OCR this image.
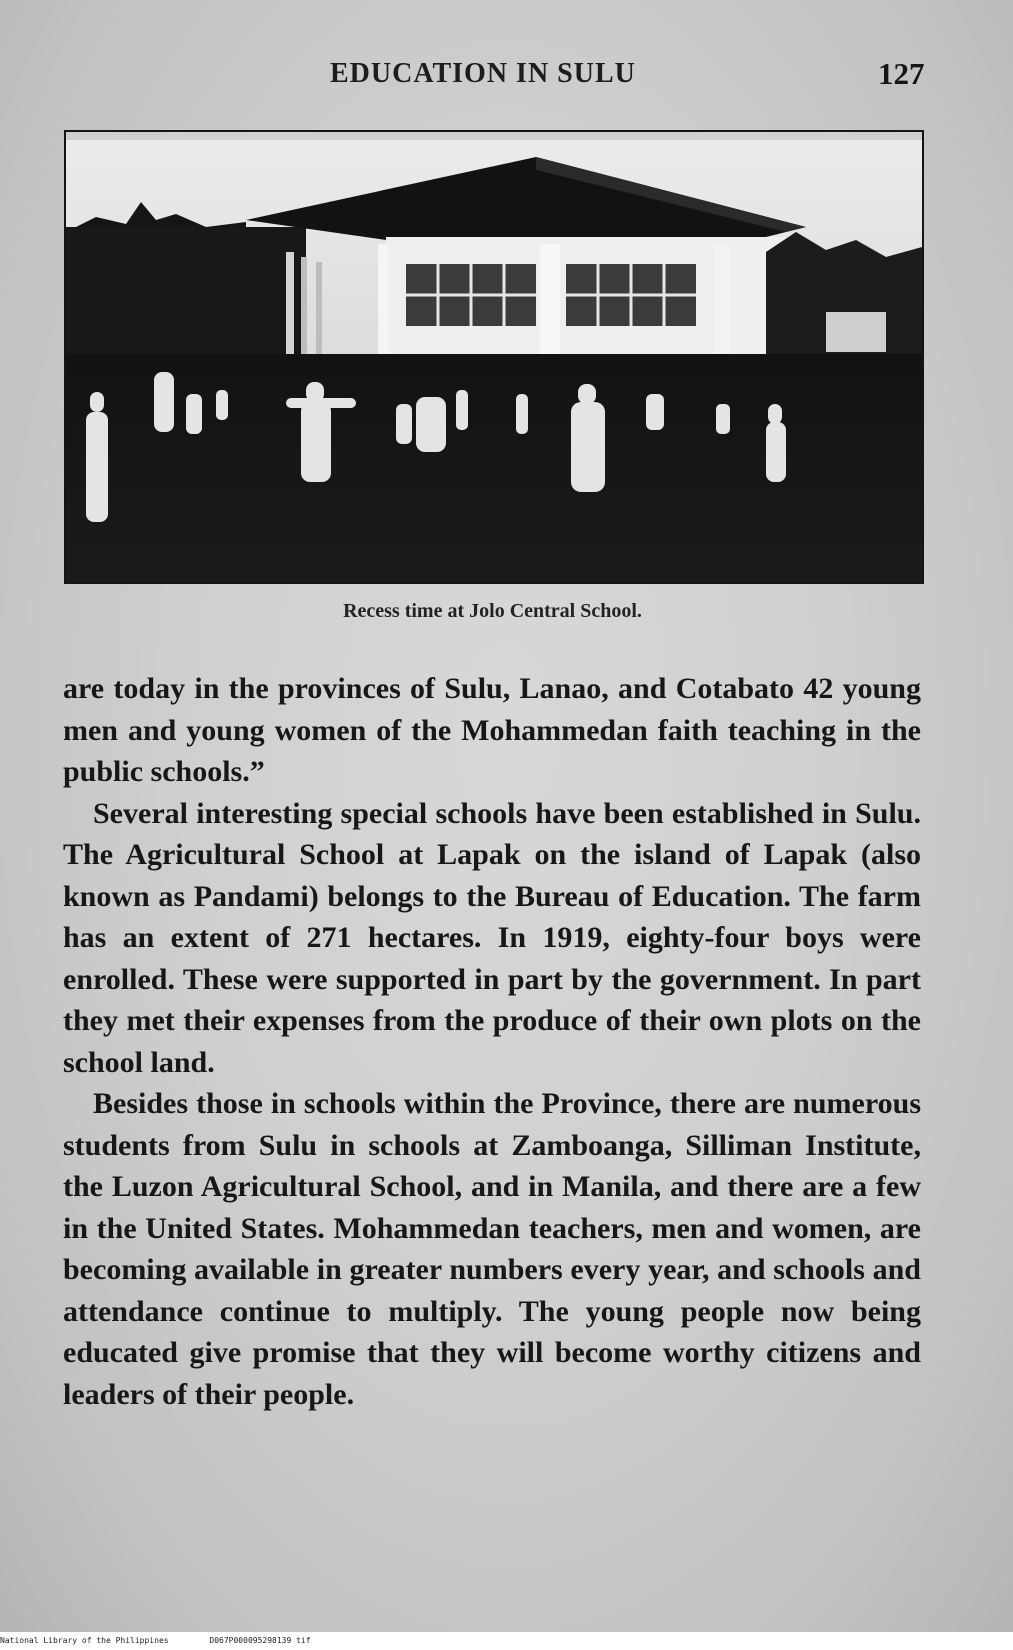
EDUCATION IN SULU	127
Recess time at Jolo Central School.

are today in the provinces of Sulu, Lanao, and Cotabato 42 young men and young women of the Mohammedan faith teaching in the public schools.”

Several interesting special schools have been established in Sulu. The Agricultural School at Lapak on the island of Lapak (also known as Pandami) belongs to the Bureau of Education. The farm has an extent of 271 hectares. In 1919, eighty-four boys were enrolled. These were supported in part by the government. In part they met their expenses from the produce of their own plots on the school land.

Besides those in schools within the Province, there are numerous students from Sulu in schools at Zamboanga, Silliman Institute, the Luzon Agricultural School, and in Manila, and there are a few in the United States. Mohammedan teachers, men and women, are becoming available in greater numbers every year, and schools and attendance continue to multiply. The young people now being educated give promise that they will become worthy citizens and leaders of their people.

National Library of the Philippines	D067P000095298139 tif
